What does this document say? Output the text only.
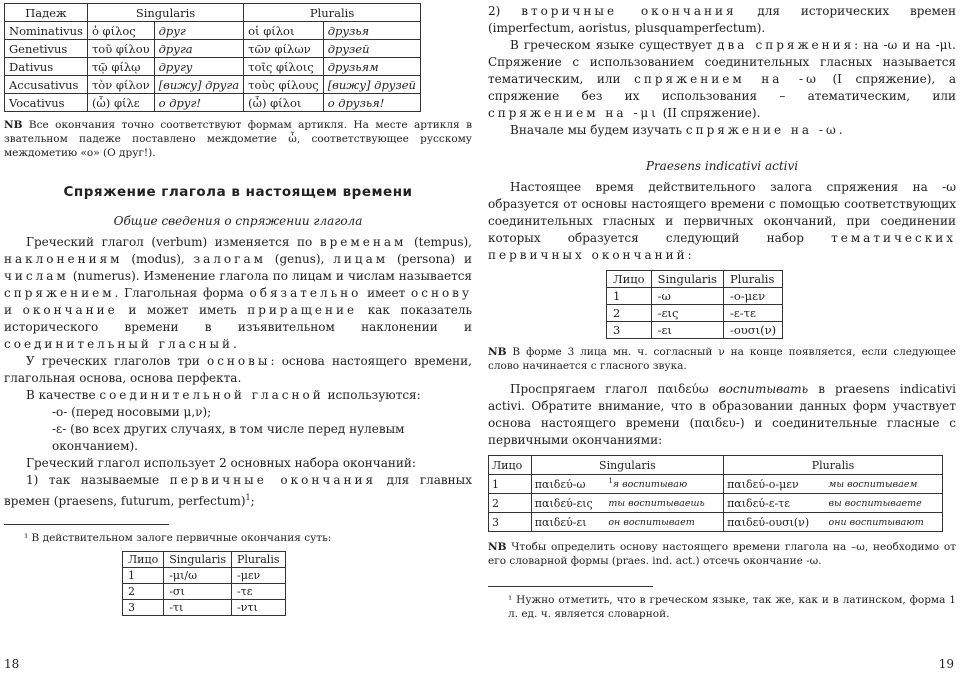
Падеж	Singularis		Pluralis	
Nominativus	ὁ φίλος	друг	οἱ φίλοι	друзья
Genetivus	τοῦ φίλου	друга	τῶν φίλων	друзей
Dativus	τῷ φίλῳ	другу	τοῖς φίλοις	друзьям
Accusativus	τὸν φίλον	[вижу] друга	τοὺς φίλους	[вижу] друзей
Vocativus	(ὦ) φίλε	о друг!	(ὦ) φίλοι	о друзья!

NB Все окончания точно соответствуют формам артикля. На месте артикля в звательном падеже поставлено междометие ὦ, соответствующее русскому междометию «о» (О друг!).

Спряжение глагола в настоящем времени

Общие сведения о спряжении глагола

Греческий глагол (verbum) изменяется по временам (tempus), наклонениям (modus), залогам (genus), лицам (persona) и числам (numerus). Изменение глагола по лицам и числам называется спряжением. Глагольная форма обязательно имеет основу и окончание и может иметь приращение как показатель исторического времени в изъявительном наклонении и соединительный гласный.

У греческих глаголов три основы: основа настоящего времени, глагольная основа, основа перфекта.

В качестве соединительной гласной используются:

-ο- (перед носовыми μ,ν);

-ε- (во всех других случаях, в том числе перед нулевым окончанием).

Греческий глагол использует 2 основных набора окончаний:

1) так называемые первичные окончания для главных времен (praesens, futurum, perfectum)$^1$;

¹ В действительном залоге первичные окончания суть:

Лицо	Singularis	Pluralis
1	-μι/ω	-μεν
2	-σι	-τε
3	-τι	-ντι
18

2) вторичные окончания для исторических времен (imperfectum, aoristus, plusquamperfectum).

В греческом языке существует два спряжения: на -ω и на -μι. Спряжение с использованием соединительных гласных называется тематическим, или спряжением на -ω (I спряжение), а спряжение без их использования – атематическим, или спряжением на -μι (II спряжение).

Вначале мы будем изучать спряжение на -ω.

Praesens indicativi activi

Настоящее время действительного залога спряжения на -ω образуется от основы настоящего времени с помощью соответствующих соединительных гласных и первичных окончаний, при соединении которых образуется следующий набор тематических первичных окончаний:

Лицо	Singularis	Pluralis
1	-ω	-ο-μεν
2	-εις	-ε-τε
3	-ει	-ουσι(ν)

NB В форме 3 лица мн. ч. согласный ν на конце появляется, если следующее слово начинается с гласного звука.

Проспрягаем глагол παιδεύω воспитывать в praesens indicativi activi. Обратите внимание, что в образовании данных форм участвует основа настоящего времени (παιδευ-) и соединительные гласные с первичными окончаниями:

Лицо	Singularis		Pluralis	
1	παιδεύ-ω	$^1$я воспитываю	παιδεύ-ο-μεν	мы воспитываем
2	παιδεύ-εις	ты воспитываешь	παιδεύ-ε-τε	вы воспитываете
3	παιδεύ-ει	он воспитывает	παιδεύ-ουσι(ν)	они воспитывают

NB Чтобы определить основу настоящего времени глагола на –ω, необходимо от его словарной формы (praes. ind. act.) отсечь окончание -ω.

¹ Нужно отметить, что в греческом языке, так же, как и в латинском, форма 1 л. ед. ч. является словарной.

19
